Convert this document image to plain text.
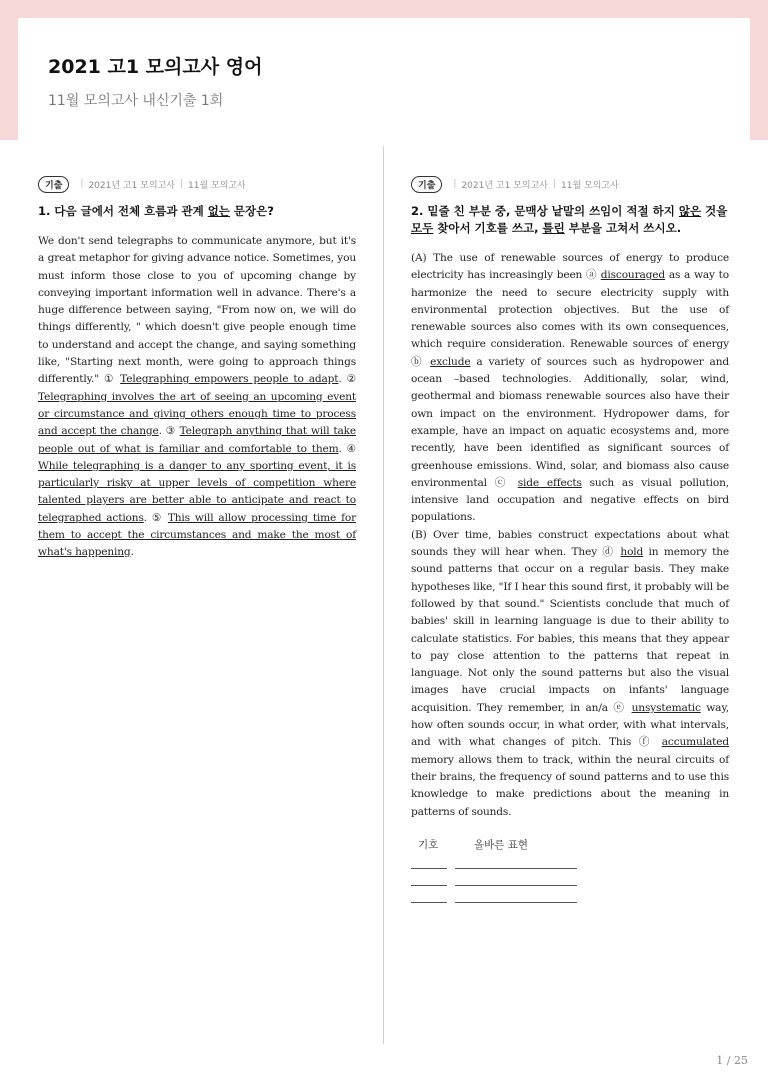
2021 고1 모의고사 영어
11월 모의고사 내신기출 1회
기출	| 2021년 고1 모의고사 | 11월 모의고사
1. 다음 글에서 전체 흐름과 관계 없는 문장은?
We don't send telegraphs to communicate anymore, but it's a great metaphor for giving advance notice. Sometimes, you must inform those close to you of upcoming change by conveying important information well in advance. There's a huge difference between saying, "From now on, we will do things differently, " which doesn't give people enough time to understand and accept the change, and saying something like, "Starting next month, were going to approach things differently." ① Telegraphing empowers people to adapt. ② Telegraphing involves the art of seeing an upcoming event or circumstance and giving others enough time to process and accept the change. ③ Telegraph anything that will take people out of what is familiar and comfortable to them. ④ While telegraphing is a danger to any sporting event, it is particularly risky at upper levels of competition where talented players are better able to anticipate and react to telegraphed actions. ⑤ This will allow processing time for them to accept the circumstances and make the most of what's happening.
기출	| 2021년 고1 모의고사 | 11월 모의고사
2. 밑줄 친 부분 중, 문맥상 낱말의 쓰임이 적절 하지 않은 것을 모두 찾아서 기호를 쓰고, 틀린 부분을 고쳐서 쓰시오.

(A) The use of renewable sources of energy to produce electricity has increasingly been ⓐ discouraged as a way to harmonize the need to secure electricity supply with environmental protection objectives. But the use of renewable sources also comes with its own consequences, which require consideration. Renewable sources of energy ⓑ exclude a variety of sources such as hydropower and ocean –based technologies. Additionally, solar, wind, geothermal and biomass renewable sources also have their own impact on the environment. Hydropower dams, for example, have an impact on aquatic ecosystems and, more recently, have been identified as significant sources of greenhouse emissions. Wind, solar, and biomass also cause environmental ⓒ side effects such as visual pollution, intensive land occupation and negative effects on bird populations.

(B) Over time, babies construct expectations about what sounds they will hear when. They ⓓ hold in memory the sound patterns that occur on a regular basis. They make hypotheses like, "If I hear this sound first, it probably will be followed by that sound." Scientists conclude that much of babies' skill in learning language is due to their ability to calculate statistics. For babies, this means that they appear to pay close attention to the patterns that repeat in language. Not only the sound patterns but also the visual images have crucial impacts on infants' language acquisition. They remember, in an/a ⓔ unsystematic way, how often sounds occur, in what order, with what intervals, and with what changes of pitch. This ⓕ accumulated memory allows them to track, within the neural circuits of their brains, the frequency of sound patterns and to use this knowledge to make predictions about the meaning in patterns of sounds.

기호	올바른 표현
1 / 25
